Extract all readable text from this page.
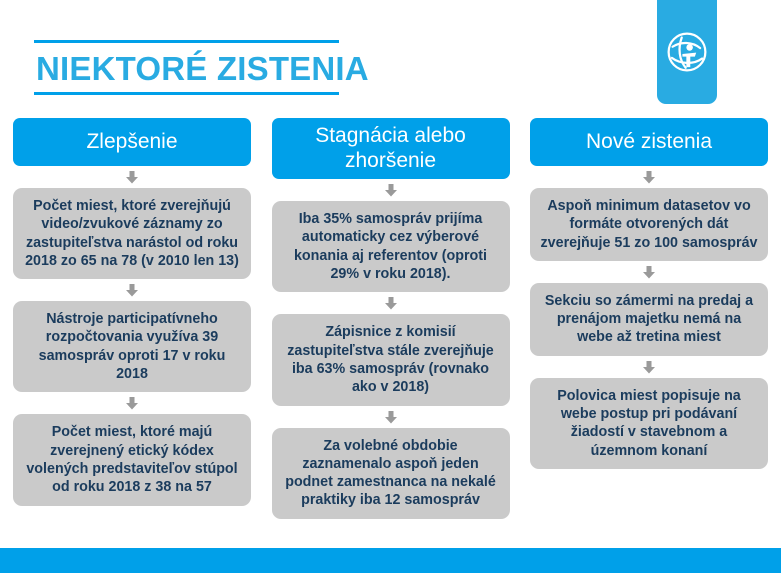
NIEKTORÉ ZISTENIA
Zlepšenie
Počet miest, ktoré zverejňujú video/zvukové záznamy zo zastupiteľstva narástol od roku 2018 zo 65 na 78 (v 2010 len 13)
Nástroje participatívneho rozpočtovania využíva 39 samospráv oproti 17 v roku 2018
Počet miest, ktoré majú zverejnený etický kódex volených predstaviteľov stúpol od roku 2018 z 38 na 57
Stagnácia alebo zhoršenie
Iba 35% samospráv prijíma automaticky cez výberové konania aj referentov (oproti 29% v roku 2018).
Zápisnice z komisií zastupiteľstva stále zverejňuje iba 63% samospráv (rovnako ako v 2018)
Za volebné obdobie zaznamenalo aspoň jeden podnet zamestnanca na nekalé praktiky iba 12 samospráv
Nové zistenia
Aspoň minimum datasetov vo formáte otvorených dát zverejňuje 51 zo 100 samospráv
Sekciu so zámermi na predaj a prenájom majetku nemá na webe až tretina miest
Polovica miest popisuje na webe postup pri podávaní žiadostí v stavebnom a územnom konaní
